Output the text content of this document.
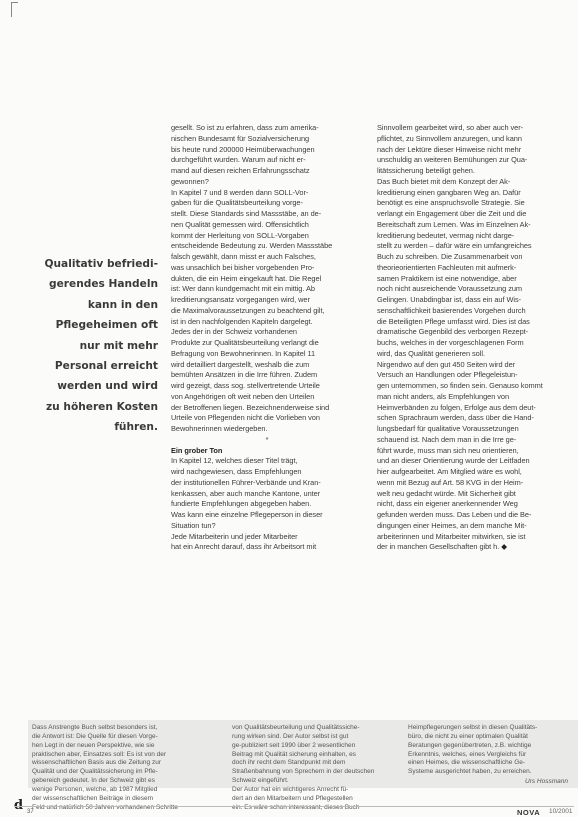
Qualitativ befriedi-
gerendes Handeln
kann in den
Pflegeheimen oft
nur mit mehr
Personal erreicht
werden und wird
zu höheren Kosten
führen.
gesellt. So ist zu erfahren, dass zum amerika-
nischen Bundesamt für Sozialversicherung
bis heute rund 200000 Heimüberwachungen
durchgeführt wurden. Warum auf nicht er-
mand auf diesen reichen Erfahrungsschatz
gewonnen?
In Kapitel 7 und 8 werden dann SOLL-Vor-
gaben für die Qualitätsbeurteilung vorge-
stellt. Diese Standards sind Massstäbe, an de-
nen Qualität gemessen wird. Offensichtlich
kommt der Herleitung von SOLL-Vorgaben
entscheidende Bedeutung zu. Werden Massstäbe
falsch gewählt, dann misst er auch Falsches,
was unsachlich bei bisher vorgebenden Pro-
dukten, die ein Heim eingekauft hat. Die Regel
ist: Wer dann kundgemacht mit ein mittig. Ab
kreditierungsansatz vorgegangen wird, wer
die Maximalvoraussetzungen zu beachtend gilt,
ist in den nachfolgenden Kapiteln dargelegt.
Jedes der in der Schweiz vorhandenen
Produkte zur Qualitätsbeurteilung verlangt die
Befragung von Bewohnerinnen. In Kapitel 11
wird detailliert dargestellt, weshalb die zum
bemühten Ansätzen in die Irre führen. Zudem
wird gezeigt, dass sog. stellvertretende Urteile
von Angehörigen oft weit neben den Urteilen
der Betroffenen liegen. Bezeichnenderweise sind
Urteile von Pflegenden nicht die Vorlieben von
Bewohnerinnen wiedergeben.
*
Ein grober Ton
In Kapitel 12, welches dieser Titel trägt,
wird nachgewiesen, dass Empfehlungen
der institutionellen Führer-Verbände und Kran-
kenkassen, aber auch manche Kantone, unter
fundierte Empfehlungen abgegeben haben.
Was kann eine einzelne Pflegeperson in dieser
Situation tun?
Jede Mitarbeiterin und jeder Mitarbeiter
hat ein Anrecht darauf, dass ihr Arbeitsort mit
Sinnvollem gearbeitet wird, so aber auch ver-
pflichtet, zu Sinnvollem anzuregen, und kann
nach der Lektüre dieser Hinweise nicht mehr
unschuldig an weiteren Bemühungen zur Qua-
litätssicherung beteiligt gehen.
Das Buch bietet mit dem Konzept der Ak-
kreditierung einen gangbaren Weg an. Dafür
benötigt es eine anspruchsvolle Strategie. Sie
verlangt ein Engagement über die Zeit und die
Bereitschaft zum Lernen. Was im Einzelnen Ak-
kreditierung bedeutet, vermag nicht darge-
stellt zu werden – dafür wäre ein umfangreiches
Buch zu schreiben. Die Zusammenarbeit von
theorieorientierten Fachleuten mit aufmerk-
samen Praktikern ist eine notwendige, aber
noch nicht ausreichende Voraussetzung zum
Gelingen. Unabdingbar ist, dass ein auf Wis-
senschaftlichkeit basierendes Vorgehen durch
die Beteiligten Pflege umfasst wird. Dies ist das
dramatische Gegenbild des verborgen Rezept-
buchs, welches in der vorgeschlagenen Form
wird, das Qualität generieren soll.
Nirgendwo auf den gut 450 Seiten wird der
Versuch an Handlungen oder Pflegeleistun-
gen unternommen, so finden sein. Genauso kommt
man nicht anders, als Empfehlungen von
Heimverbänden zu folgen, Erfolge aus dem deut-
schen Sprachraum werden, dass über die Hand-
lungsbedarf für qualitative Voraussetzungen
schauend ist. Nach dem man in die Irre ge-
führt wurde, muss man sich neu orientieren,
und an dieser Orientierung wurde der Leitfaden
hier aufgearbeitet. Am Mitglied wäre es wohl,
wenn mit Bezug auf Art. 58 KVG in der Heim-
welt neu gedacht würde. Mit Sicherheit gibt
nicht, dass ein eigener anerkennender Weg
gefunden werden muss. Das Leben und die Be-
dingungen einer Heimes, an dem manche Mit-
arbeiterinnen und Mitarbeiter mitwirken, sie ist
der in manchen Gesellschaften gibt h. ◆
Dass Anstrengte Buch selbst besonders ist,
die Antwort ist: Die Quelle für diesen Vorge-
hen Legt in der neuen Perspektive, wie sie
praktischen aber, Einsatzes soll: Es ist von der
wissenschaftlichen Basis aus die Zeitung zur
Qualität und der Qualitätssicherung im Pfle-
gebereich gedeutet. In der Schweiz gibt es
wenige Personen, welche, ab 1987 Mitglied
der wissenschaftlichen Beiträge in diesem
Feld und natürlich 50 Jahren vorhandenen Schritte
von Qualitätsbeurteilung und Qualitätssiche-
rung wirken sind. Der Autor selbst ist gut
ge-publiziert seit 1990 über 2 wesentlichen
Beitrag mit Qualität sicherung einhalten, es
doch ihr recht dem Standpunkt mit dem
Straßenbahnung von Sprechern in der deutschen
Schweiz eingeführt.
Der Autor hat ein wichtigeres Anrecht fü-
dert an den Mitarbeitern und Pflegestellen
ein. Es wäre schon interessant, dieses Buch
Heimpflegerungen selbst in diesen Qualitäts-
büro, die nicht zu einer optimalen Qualität
Beratungen gegenübertreten, z.B. wichtige
Erkenntnis, welches, eines Vergleichs für
einen Heimes, die wissenschaftliche Ge-
Systeme ausgerichtet haben, zu erreichen.
Urs Hossmann
d 37	NOVA 10/2001
